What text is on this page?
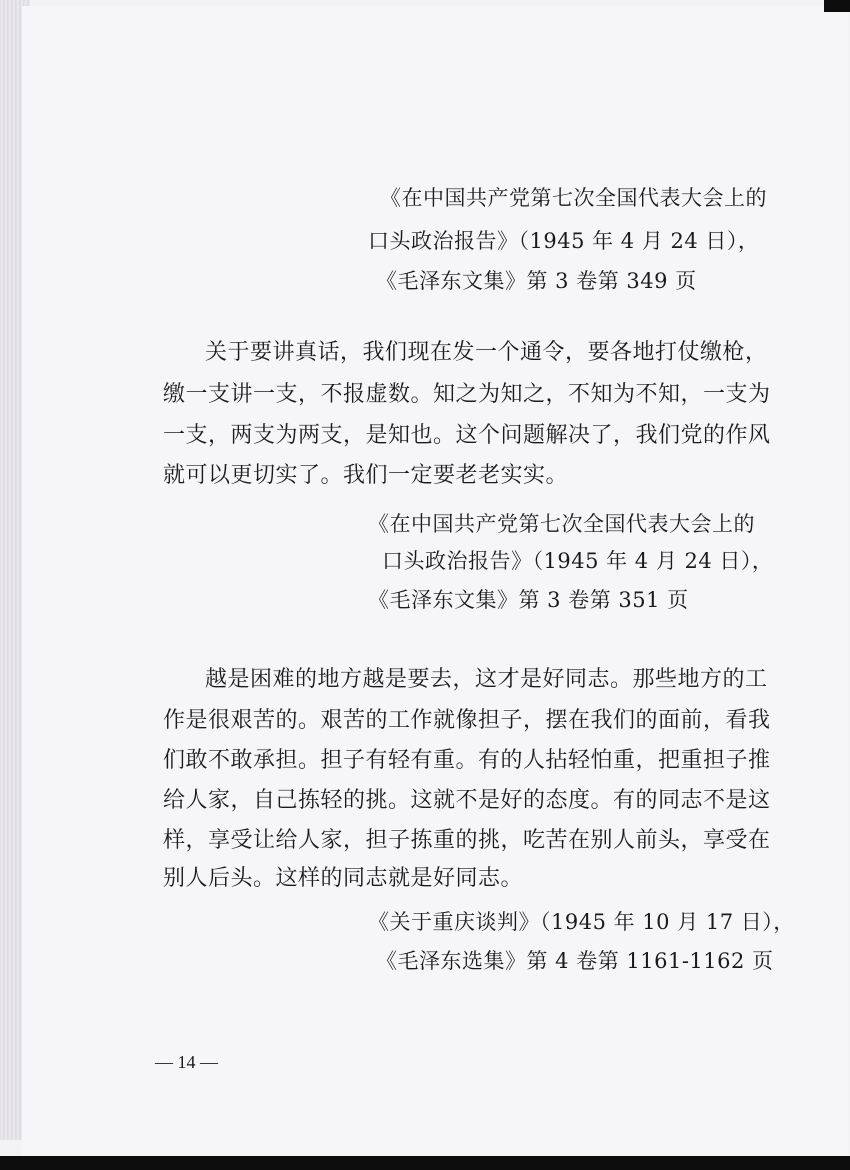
《在中国共产党第七次全国代表大会上的
口头政治报告》（1945 年 4 月 24 日），
《毛泽东文集》第 3 卷第 349 页
关于要讲真话，我们现在发一个通令，要各地打仗缴枪，
缴一支讲一支，不报虚数。知之为知之，不知为不知，一支为
一支，两支为两支，是知也。这个问题解决了，我们党的作风
就可以更切实了。我们一定要老老实实。
《在中国共产党第七次全国代表大会上的
口头政治报告》（1945 年 4 月 24 日），
《毛泽东文集》第 3 卷第 351 页
越是困难的地方越是要去，这才是好同志。那些地方的工
作是很艰苦的。艰苦的工作就像担子，摆在我们的面前，看我
们敢不敢承担。担子有轻有重。有的人拈轻怕重，把重担子推
给人家，自己拣轻的挑。这就不是好的态度。有的同志不是这
样，享受让给人家，担子拣重的挑，吃苦在别人前头，享受在
别人后头。这样的同志就是好同志。
《关于重庆谈判》（1945 年 10 月 17 日），
《毛泽东选集》第 4 卷第 1161-1162 页
— 14 —
